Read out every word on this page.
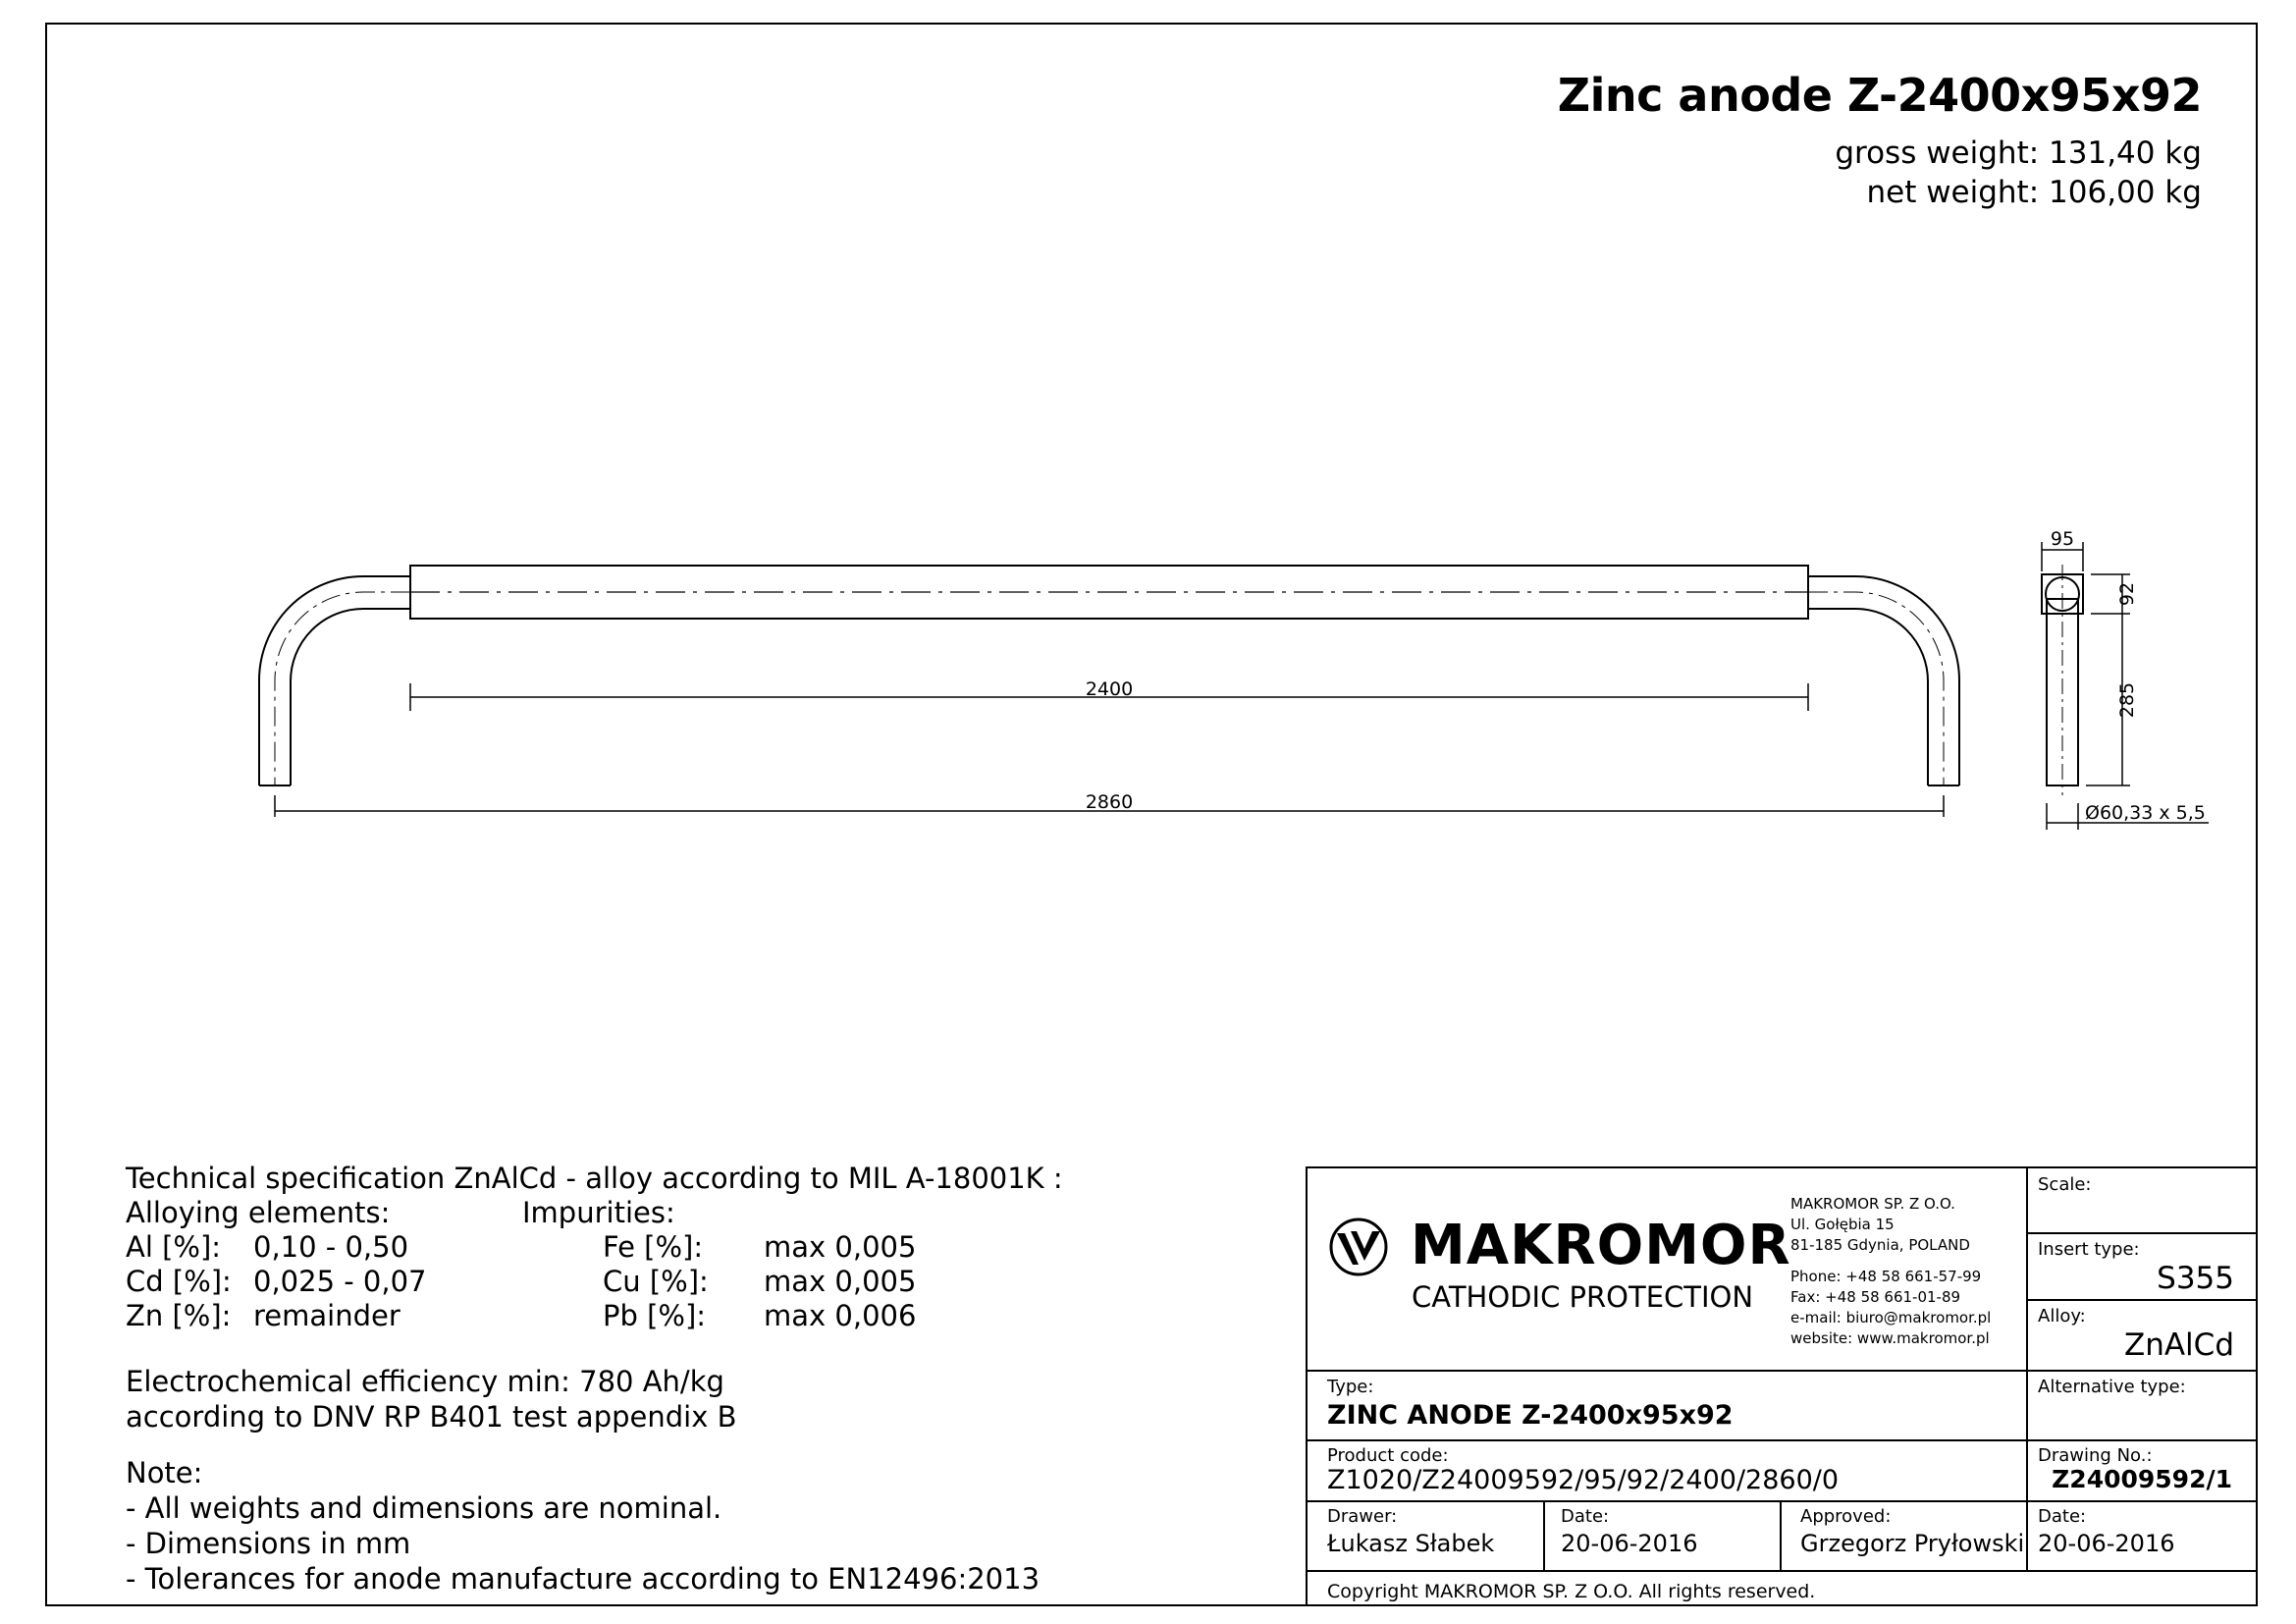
Zinc anode Z-2400x95x92
gross weight: 131,40 kg
net weight: 106,00 kg
2400
2860
95
92
285
Ø60,33 x 5,5
Technical specification ZnAlCd - alloy according to MIL A-18001K :
Alloying elements:	Impurities:
Al [%]: 0,10 - 0,50	Fe [%]: max 0,005
Cd [%]: 0,025 - 0,07	Cu [%]: max 0,005
Zn [%]: remainder	Pb [%]: max 0,006
Electrochemical efficiency min: 780 Ah/kg
according to DNV RP B401 test appendix B
Note:
- All weights and dimensions are nominal.
- Dimensions in mm
- Tolerances for anode manufacture according to EN12496:2013
MAKROMOR
CATHODIC PROTECTION
MAKROMOR SP. Z O.O.
Ul. Gołębia 15
81-185 Gdynia, POLAND
Phone: +48 58 661-57-99
Fax: +48 58 661-01-89
e-mail: biuro@makromor.pl
website: www.makromor.pl
Scale:
Insert type:
S355
Alloy:
ZnAlCd
Type:
ZINC ANODE Z-2400x95x92
Alternative type:
Product code:
Z1020/Z24009592/95/92/2400/2860/0
Drawing No.:
Z24009592/1
Drawer:
Łukasz Słabek
Date:
20-06-2016
Approved:
Grzegorz Pryłowski
Date:
20-06-2016
Copyright MAKROMOR SP. Z O.O. All rights reserved.
